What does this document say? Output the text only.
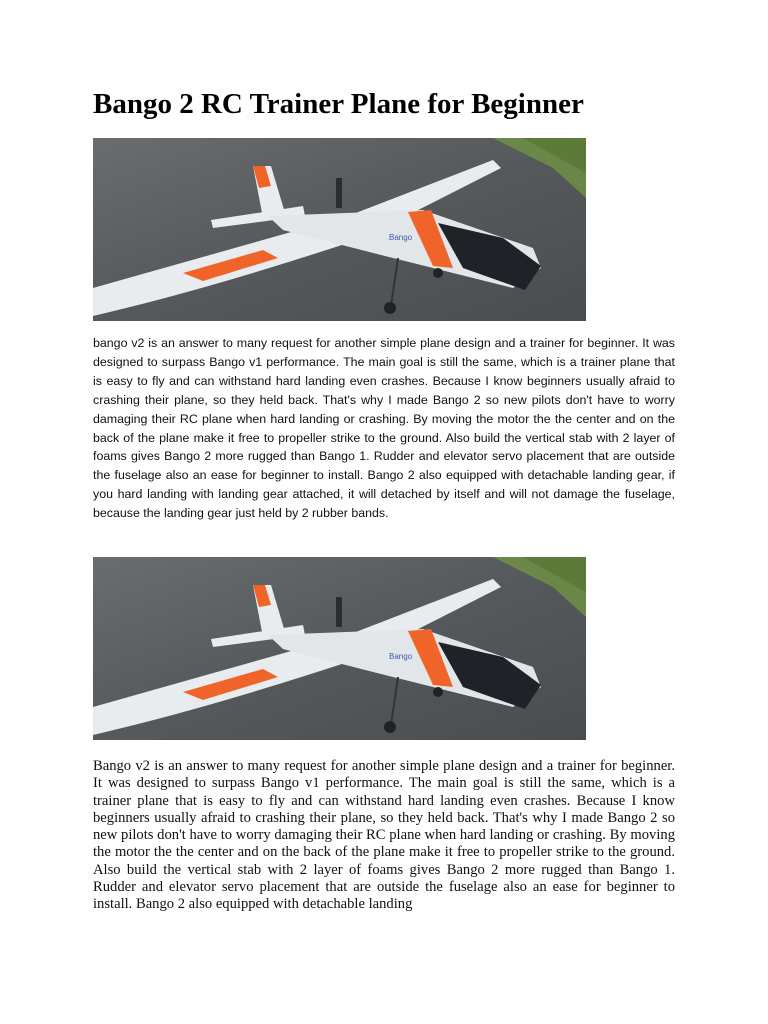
Bango 2 RC Trainer Plane for Beginner
Bango
bango v2 is an answer to many request for another simple plane design and a trainer for beginner. It was designed to surpass Bango v1 performance. The main goal is still the same, which is a trainer plane that is easy to fly and can withstand hard landing even crashes. Because I know beginners usually afraid to crashing their plane, so they held back. That's why I made Bango 2 so new pilots don't have to worry damaging their RC plane when hard landing or crashing. By moving the motor the the center and on the back of the plane make it free to propeller strike to the ground. Also build the vertical stab with 2 layer of foams gives Bango 2 more rugged than Bango 1. Rudder and elevator servo placement that are outside the fuselage also an ease for beginner to install. Bango 2 also equipped with detachable landing gear, if you hard landing with landing gear attached, it will detached by itself and will not damage the fuselage, because the landing gear just held by 2 rubber bands.
Bango
Bango v2 is an answer to many request for another simple plane design and a trainer for beginner. It was designed to surpass Bango v1 performance. The main goal is still the same, which is a trainer plane that is easy to fly and can withstand hard landing even crashes. Because I know beginners usually afraid to crashing their plane, so they held back. That's why I made Bango 2 so new pilots don't have to worry damaging their RC plane when hard landing or crashing. By moving the motor the the center and on the back of the plane make it free to propeller strike to the ground. Also build the vertical stab with 2 layer of foams gives Bango 2 more rugged than Bango 1. Rudder and elevator servo placement that are outside the fuselage also an ease for beginner to install. Bango 2 also equipped with detachable landing
